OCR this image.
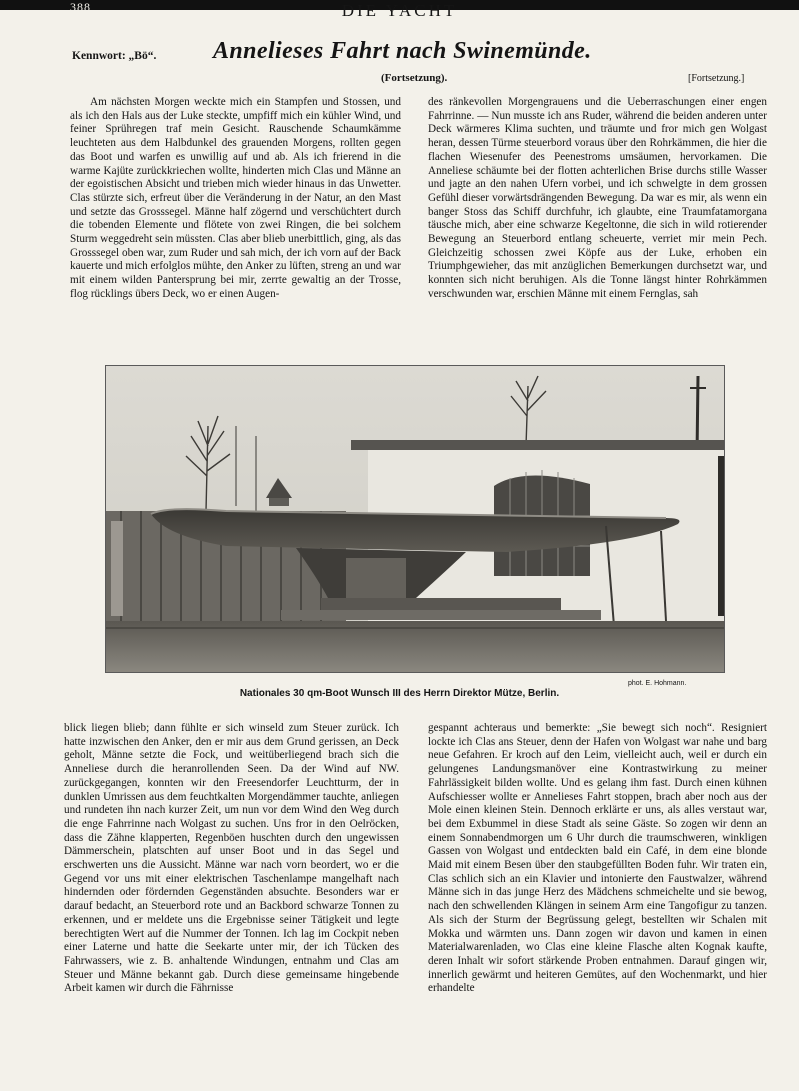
388	DIE YACHT
Kennwort: „Bö“. Annelieses Fahrt nach Swinemünde.
(Fortsetzung).	[Fortsetzung.]

Am nächsten Morgen weckte mich ein Stampfen und Stossen, und als ich den Hals aus der Luke steckte, umpfiff mich ein kühler Wind, und feiner Sprühregen traf mein Gesicht. Rauschende Schaumkämme leuchteten aus dem Halbdunkel des grauenden Morgens, rollten gegen das Boot und warfen es unwillig auf und ab. Als ich frierend in die warme Kajüte zurückkriechen wollte, hinderten mich Clas und Männe an der egoistischen Absicht und trieben mich wieder hinaus in das Unwetter. Clas stürzte sich, erfreut über die Veränderung in der Natur, an den Mast und setzte das Grosssegel. Männe half zögernd und verschüchtert durch die tobenden Elemente und flötete von zwei Ringen, die bei solchem Sturm weggedreht sein müssten. Clas aber blieb unerbittlich, ging, als das Grosssegel oben war, zum Ruder und sah mich, der ich vorn auf der Back kauerte und mich erfolglos mühte, den Anker zu lüften, streng an und war mit einem wilden Pantersprung bei mir, zerrte gewaltig an der Trosse, flog rücklings übers Deck, wo er einen Augen-

des ränkevollen Morgengrauens und die Ueberraschungen einer engen Fahrrinne. — Nun musste ich ans Ruder, während die beiden anderen unter Deck wärmeres Klima suchten, und träumte und fror mich gen Wolgast heran, dessen Türme steuerbord voraus über den Rohrkämmen, die hier die flachen Wiesenufer des Peenestroms umsäumen, hervorkamen. Die Anneliese schäumte bei der flotten achterlichen Brise durchs stille Wasser und jagte an den nahen Ufern vorbei, und ich schwelgte in dem grossen Gefühl dieser vorwärtsdrängenden Bewegung. Da war es mir, als wenn ein banger Stoss das Schiff durchfuhr, ich glaubte, eine Traumfatamorgana täusche mich, aber eine schwarze Kegeltonne, die sich in wild rotierender Bewegung an Steuerbord entlang scheuerte, verriet mir mein Pech. Gleichzeitig schossen zwei Köpfe aus der Luke, erhoben ein Triumphgewieher, das mit anzüglichen Bemerkungen durchsetzt war, und konnten sich nicht beruhigen. Als die Tonne längst hinter Rohrkämmen verschwunden war, erschien Männe mit einem Fernglas, sah

phot. E. Hohmann.
Nationales 30 qm-Boot Wunsch III des Herrn Direktor Mütze, Berlin.

blick liegen blieb; dann fühlte er sich winseld zum Steuer zurück. Ich hatte inzwischen den Anker, den er mir aus dem Grund gerissen, an Deck geholt, Männe setzte die Fock, und weitüberliegend brach sich die Anneliese durch die heranrollenden Seen. Da der Wind auf NW. zurückgegangen, konnten wir den Freesendorfer Leuchtturm, der in dunklen Umrissen aus dem feuchtkalten Morgendämmer tauchte, anliegen und rundeten ihn nach kurzer Zeit, um nun vor dem Wind den Weg durch die enge Fahrrinne nach Wolgast zu suchen. Uns fror in den Oelröcken, dass die Zähne klapperten, Regenböen huschten durch den ungewissen Dämmerschein, platschten auf unser Boot und in das Segel und erschwerten uns die Aussicht. Männe war nach vorn beordert, wo er die Gegend vor uns mit einer elektrischen Taschenlampe mangelhaft nach hindernden oder fördernden Gegenständen absuchte. Besonders war er darauf bedacht, an Steuerbord rote und an Backbord schwarze Tonnen zu erkennen, und er meldete uns die Ergebnisse seiner Tätigkeit und legte berechtigten Wert auf die Nummer der Tonnen. Ich lag im Cockpit neben einer Laterne und hatte die Seekarte unter mir, der ich Tücken des Fahrwassers, wie z. B. anhaltende Windungen, entnahm und Clas am Steuer und Männe bekannt gab. Durch diese gemeinsame hingebende Arbeit kamen wir durch die Fährnisse

gespannt achteraus und bemerkte: „Sie bewegt sich noch“. Resigniert lockte ich Clas ans Steuer, denn der Hafen von Wolgast war nahe und barg neue Gefahren. Er kroch auf den Leim, vielleicht auch, weil er durch ein gelungenes Landungsmanöver eine Kontrastwirkung zu meiner Fahrlässigkeit bilden wollte. Und es gelang ihm fast. Durch einen kühnen Aufschiesser wollte er Annelieses Fahrt stoppen, brach aber noch aus der Mole einen kleinen Stein. Dennoch erklärte er uns, als alles verstaut war, bei dem Exbummel in diese Stadt als seine Gäste. So zogen wir denn an einem Sonnabendmorgen um 6 Uhr durch die traumschweren, winkligen Gassen von Wolgast und entdeckten bald ein Café, in dem eine blonde Maid mit einem Besen über den staubgefüllten Boden fuhr. Wir traten ein, Clas schlich sich an ein Klavier und intonierte den Faustwalzer, während Männe sich in das junge Herz des Mädchens schmeichelte und sie bewog, nach den schwellenden Klängen in seinem Arm eine Tangofigur zu tanzen. Als sich der Sturm der Begrüssung gelegt, bestellten wir Schalen mit Mokka und wärmten uns. Dann zogen wir davon und kamen in einen Materialwarenladen, wo Clas eine kleine Flasche alten Kognak kaufte, deren Inhalt wir sofort stärkende Proben entnahmen. Darauf gingen wir, innerlich gewärmt und heiteren Gemütes, auf den Wochenmarkt, und hier erhandelte
